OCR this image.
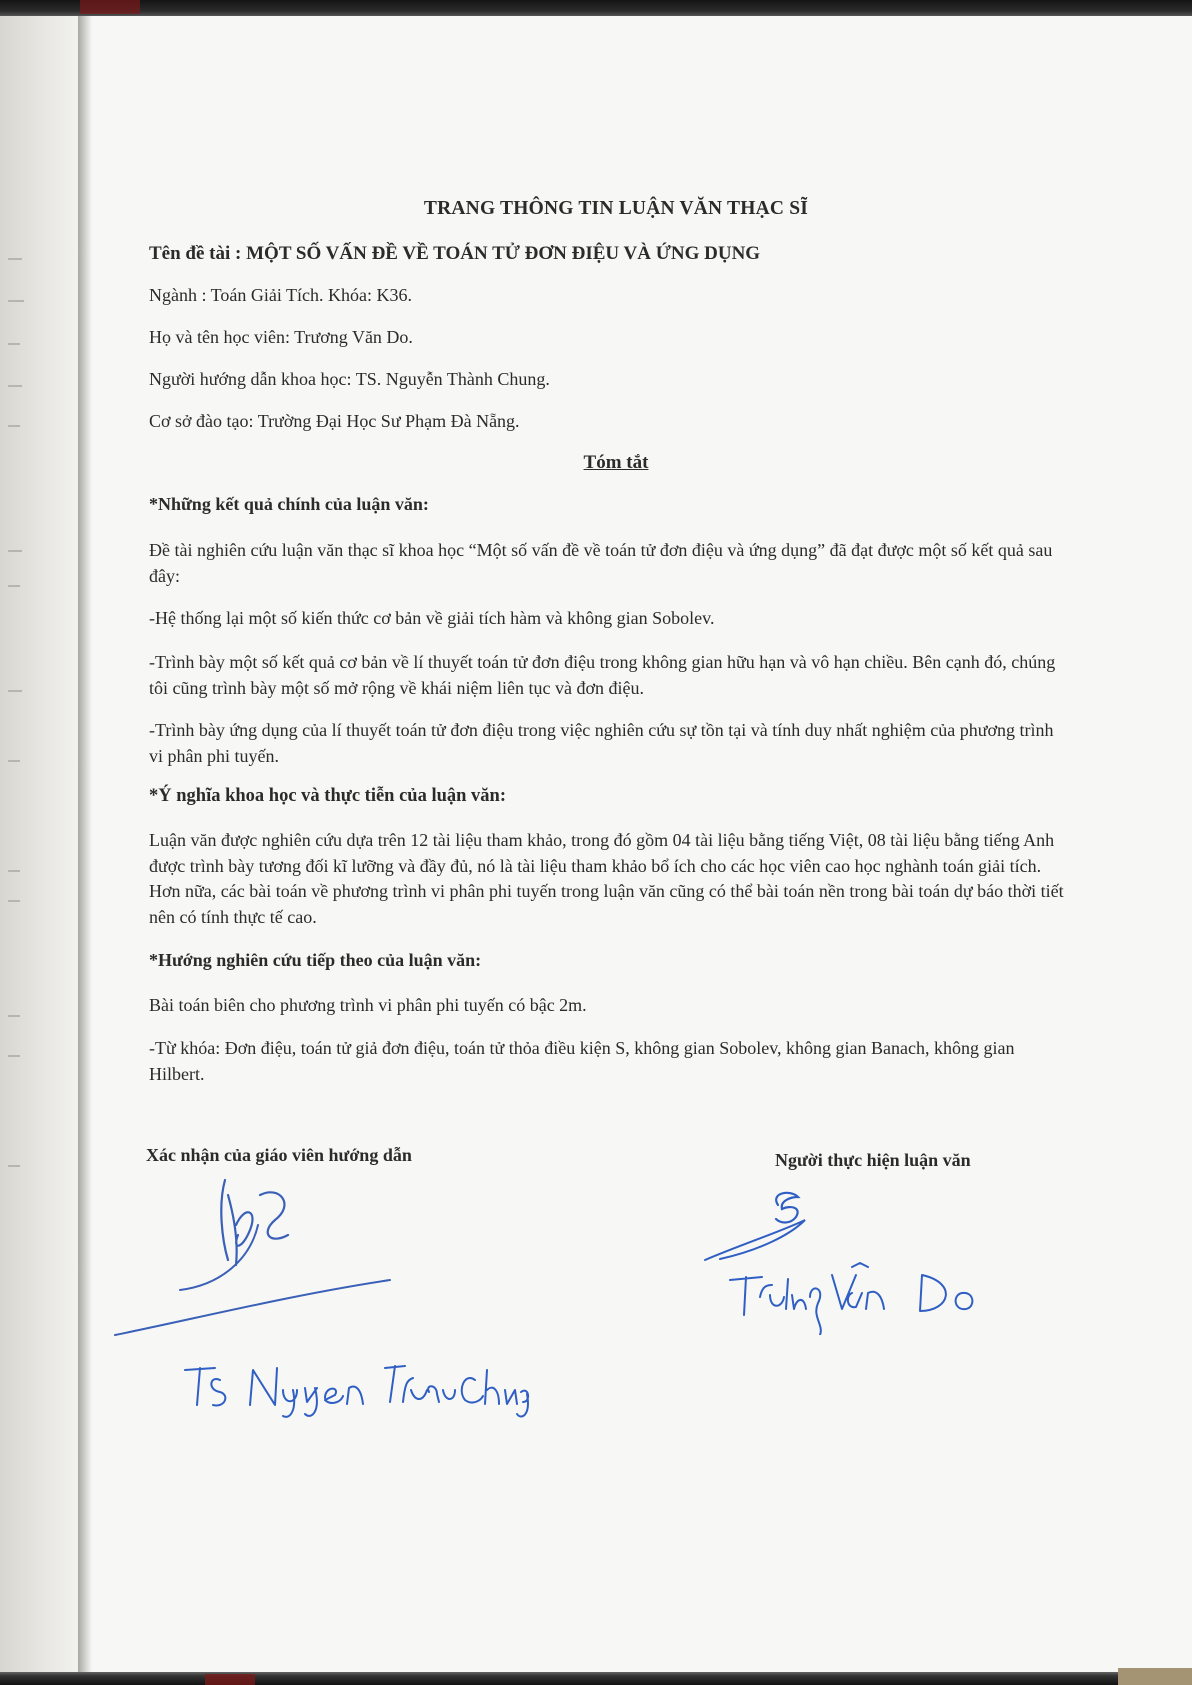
TRANG THÔNG TIN LUẬN VĂN THẠC SĨ
Tên đề tài : MỘT SỐ VẤN ĐỀ VỀ TOÁN TỬ ĐƠN ĐIỆU VÀ ỨNG DỤNG
Ngành : Toán Giải Tích. Khóa: K36.
Họ và tên học viên: Trương Văn Do.
Người hướng dẫn khoa học: TS. Nguyễn Thành Chung.
Cơ sở đào tạo: Trường Đại Học Sư Phạm Đà Nẵng.
Tóm tắt
*Những kết quả chính của luận văn:
Đề tài nghiên cứu luận văn thạc sĩ khoa học “Một số vấn đề về toán tử đơn điệu và ứng dụng” đã đạt được một số kết quả sau đây:
-Hệ thống lại một số kiến thức cơ bản về giải tích hàm và không gian Sobolev.
-Trình bày một số kết quả cơ bản về lí thuyết toán tử đơn điệu trong không gian hữu hạn và vô hạn chiều. Bên cạnh đó, chúng tôi cũng trình bày một số mở rộng về khái niệm liên tục và đơn điệu.
-Trình bày ứng dụng của lí thuyết toán tử đơn điệu trong việc nghiên cứu sự tồn tại và tính duy nhất nghiệm của phương trình vi phân phi tuyến.
*Ý nghĩa khoa học và thực tiễn của luận văn:
Luận văn được nghiên cứu dựa trên 12 tài liệu tham khảo, trong đó gồm 04 tài liệu bằng tiếng Việt, 08 tài liệu bằng tiếng Anh được trình bày tương đối kĩ lưỡng và đầy đủ, nó là tài liệu tham khảo bổ ích cho các học viên cao học nghành toán giải tích. Hơn nữa, các bài toán về phương trình vi phân phi tuyến trong luận văn cũng có thể bài toán nền trong bài toán dự báo thời tiết nên có tính thực tế cao.
*Hướng nghiên cứu tiếp theo của luận văn:
Bài toán biên cho phương trình vi phân phi tuyến có bậc 2m.
-Từ khóa: Đơn điệu, toán tử giả đơn điệu, toán tử thỏa điều kiện S, không gian Sobolev, không gian Banach, không gian Hilbert.
Xác nhận của giáo viên hướng dẫn	Người thực hiện luận văn
